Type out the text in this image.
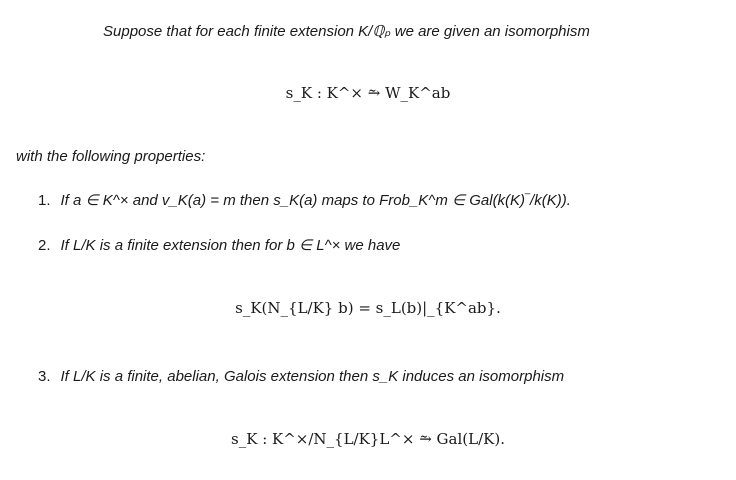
Suppose that for each finite extension K/ℚₚ we are given an isomorphism
s_K : K^× ⥲ W_K^ab
with the following properties:
1. If a ∈ K^× and v_K(a) = m then s_K(a) maps to Frob_K^m ∈ Gal(k(K)‾/k(K)).
2. If L/K is a finite extension then for b ∈ L^× we have
s_K(N_{L/K} b) = s_L(b)|_{K^ab}.
3. If L/K is a finite, abelian, Galois extension then s_K induces an isomorphism
s_K : K^×/N_{L/K}L^× ⥲ Gal(L/K).
